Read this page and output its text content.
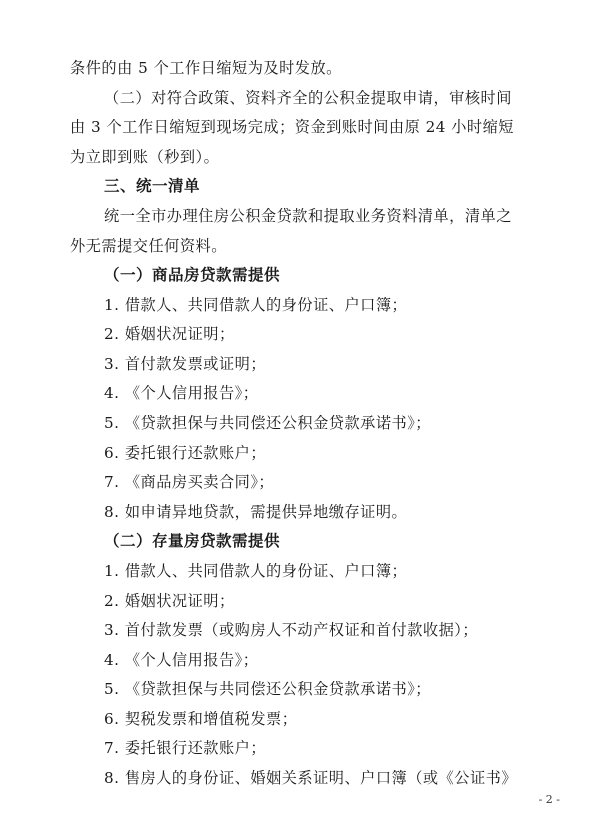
条件的由 5 个工作日缩短为及时发放。
（二）对符合政策、资料齐全的公积金提取申请，审核时间
由 3 个工作日缩短到现场完成；资金到账时间由原 24 小时缩短
为立即到账（秒到）。
三、统一清单
统一全市办理住房公积金贷款和提取业务资料清单，清单之
外无需提交任何资料。
（一）商品房贷款需提供
1. 借款人、共同借款人的身份证、户口簿；
2. 婚姻状况证明；
3. 首付款发票或证明；
4. 《个人信用报告》；
5. 《贷款担保与共同偿还公积金贷款承诺书》；
6. 委托银行还款账户；
7. 《商品房买卖合同》；
8. 如申请异地贷款，需提供异地缴存证明。
（二）存量房贷款需提供
1. 借款人、共同借款人的身份证、户口簿；
2. 婚姻状况证明；
3. 首付款发票（或购房人不动产权证和首付款收据）；
4. 《个人信用报告》；
5. 《贷款担保与共同偿还公积金贷款承诺书》；
6. 契税发票和增值税发票；
7. 委托银行还款账户；
8. 售房人的身份证、婚姻关系证明、户口簿（或《公证书》
- 2 -
